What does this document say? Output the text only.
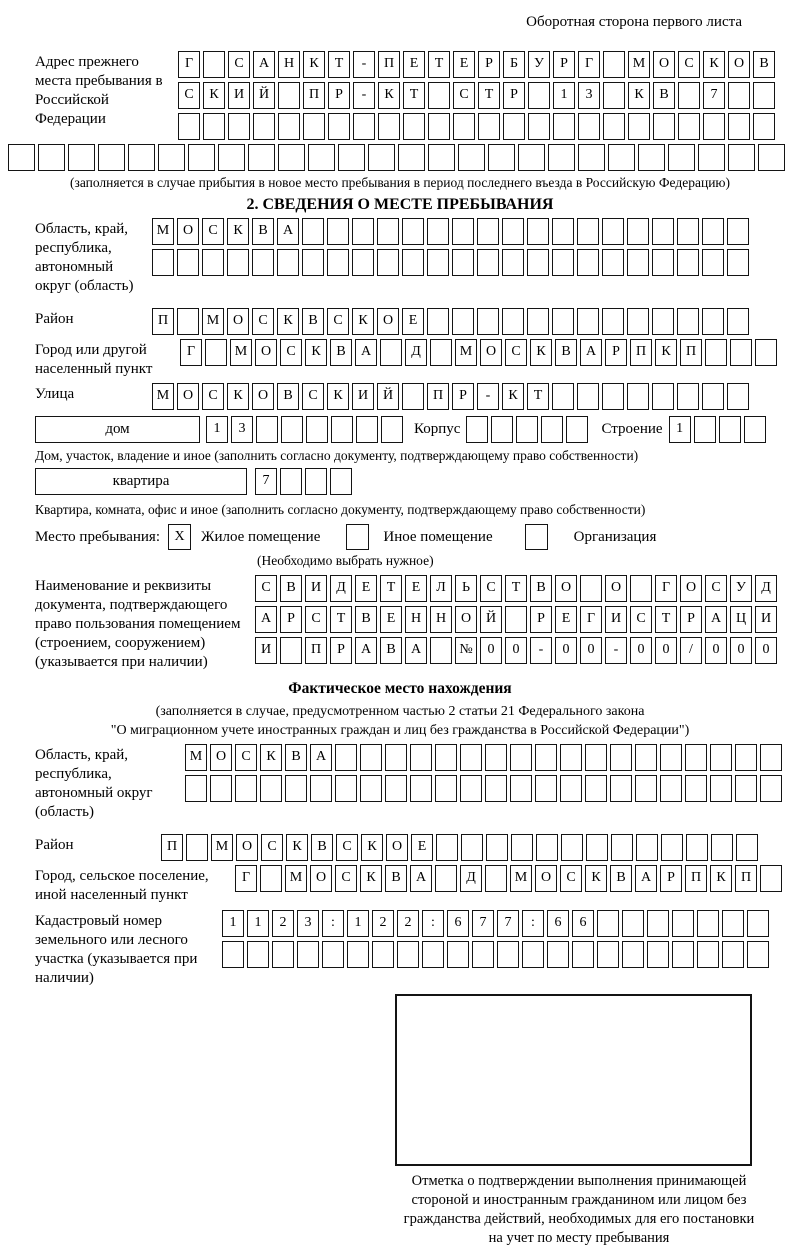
Оборотная сторона первого листа
Адрес прежнего места пребывания в Российской Федерации
Г	С	А	Н	К	Т	-	П	Е	Т	Е	Р	Б	У	Р	Г	М О	С	К	О	В
С	К	И	Й	П	Р	-	К	Т	С	Т	Р	1	3	К	В	7
(заполняется в случае прибытия в новое место пребывания в период последнего въезда в Российскую Федерацию)
2. СВЕДЕНИЯ О МЕСТЕ ПРЕБЫВАНИЯ
Область, край, республика, автономный округ (область)
М О	С	К	В	А
Район	П	М О	С	К	В	С	К	О	Е
Город или другой населенный пункт
Г	М О	С	К	В	А	Д	М О	С	К	В	А	Р	П	К	П
Улица	М О	С	К	О	В	С	К	И	Й	П	Р	-	К	Т
дом	1	3	Корпус	Строение 1
Дом, участок, владение и иное (заполнить согласно документу, подтверждающему право собственности)
квартира	7
Квартира, комната, офис и иное (заполнить согласно документу, подтверждающему право собственности)
Место пребывания:	X	Жилое помещение	Иное помещение	Организация
(Необходимо выбрать нужное)
Наименование и реквизиты документа, подтверждающего право пользования помещением (строением, сооружением) (указывается при наличии)
С	В	И	Д	Е	Т	Е	Л	Ь	С	Т	В	О	О	Г	О	С	У	Д
А	Р	С	Т	В	Е	Н	Н	О	Й	Р	Е	Г	И	С	Т	Р	А	Ц	И
И	П	Р	А	В	А	№	0	0	-	0	0	-	0	0	/	0	0	0
Фактическое место нахождения
(заполняется в случае, предусмотренном частью 2 статьи 21 Федерального закона
"О миграционном учете иностранных граждан и лиц без гражданства в Российской Федерации")
Область, край, республика, автономный округ (область)
М О	С	К	В	А
Район	П	М О	С	К	В	С	К	О	Е
Город, сельское поселение, иной населенный пункт
Г	М О	С	К	В	А	Д	М О	С	К	В	А	Р	П	К	П
Кадастровый номер земельного или лесного участка (указывается при наличии)
1	1	2	3	:	1	2	2	:	6	7	7	:	6	6
Отметка о подтверждении выполнения принимающей
стороной и иностранным гражданином или лицом без
гражданства действий, необходимых для его постановки
на учет по месту пребывания
